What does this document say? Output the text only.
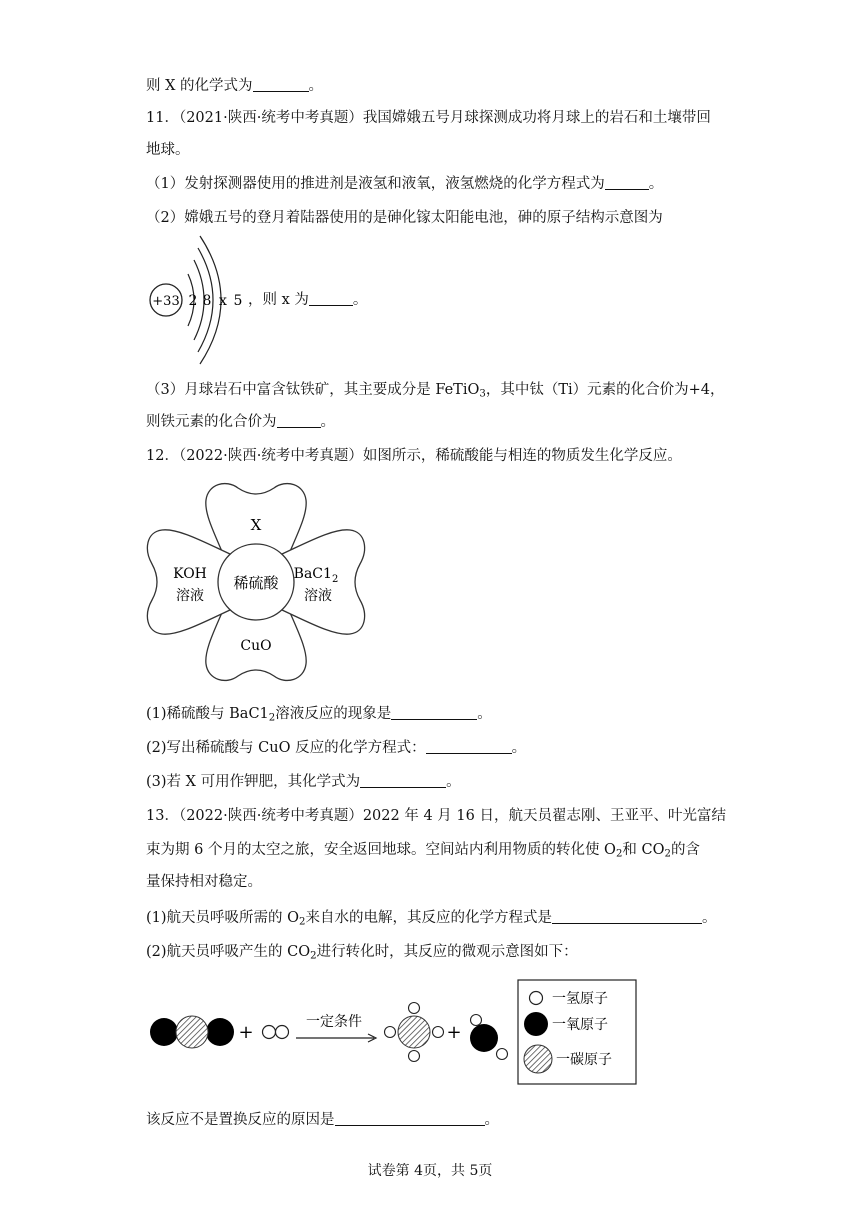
则 X 的化学式为	。
11．（2021·陕西·统考中考真题）我国嫦娥五号月球探测成功将月球上的岩石和土壤带回
地球。
（1）发射探测器使用的推进剂是液氢和液氧，液氢燃烧的化学方程式为	。
（2）嫦娥五号的登月着陆器使用的是砷化镓太阳能电池，砷的原子结构示意图为
+33 2 8 x 5 ，则 x 为	。
（3）月球岩石中富含钛铁矿，其主要成分是 FeTiO$_3$，其中钛（Ti）元素的化合价为+4，
则铁元素的化合价为	。
12．（2022·陕西·统考中考真题）如图所示，稀硫酸能与相连的物质发生化学反应。
稀硫酸
X
KOH
溶液
$BaC1_2$
溶液
CuO
(1)稀硫酸与 $BaC1_2$溶液反应的现象是	。
(2)写出稀硫酸与 CuO 反应的化学方程式：	。
(3)若 X 可用作钾肥，其化学式为	。
13．（2022·陕西·统考中考真题）2022 年 4 月 16 日，航天员翟志刚、王亚平、叶光富结
束为期 6 个月的太空之旅，安全返回地球。空间站内利用物质的转化使 $O_2$和 $CO_2$的含
量保持相对稳定。
(1)航天员呼吸所需的 $O_2$来自水的电解，其反应的化学方程式是	。
(2)航天员呼吸产生的 $CO_2$进行转化时，其反应的微观示意图如下：
+	一定条件	+
一氢原子
一氧原子
一碳原子
该反应不是置换反应的原因是	。
试卷第 4页，共 5页
